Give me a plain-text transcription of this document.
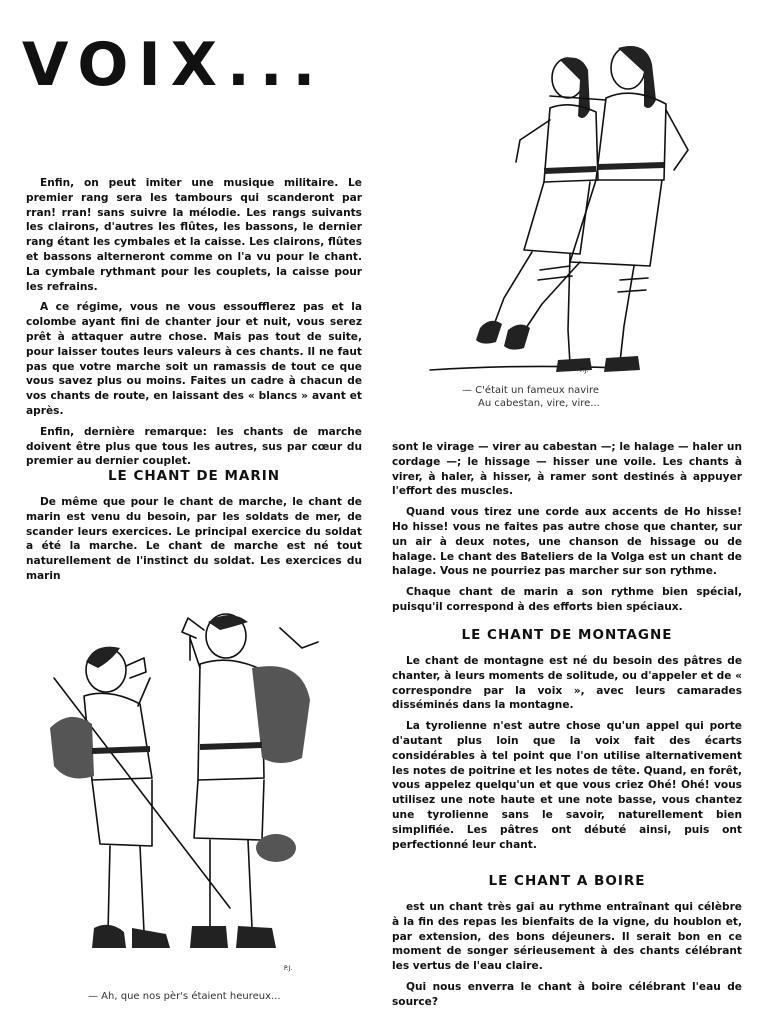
VOIX...

Enfin, on peut imiter une musique militaire. Le premier rang sera les tambours qui scanderont par rran! rran! sans suivre la mélodie. Les rangs suivants les clairons, d'autres les flûtes, les bassons, le dernier rang étant les cymbales et la caisse. Les clairons, flûtes et bassons alterneront comme on l'a vu pour le chant. La cymbale rythmant pour les couplets, la caisse pour les refrains.

A ce régime, vous ne vous essoufflerez pas et la colombe ayant fini de chanter jour et nuit, vous serez prêt à attaquer autre chose. Mais pas tout de suite, pour laisser toutes leurs valeurs à ces chants. Il ne faut pas que votre marche soit un ramassis de tout ce que vous savez plus ou moins. Faites un cadre à chacun de vos chants de route, en laissant des « blancs » avant et après.

Enfin, dernière remarque: les chants de marche doivent être plus que tous les autres, sus par cœur du premier au dernier couplet.

LE CHANT DE MARIN

De même que pour le chant de marche, le chant de marin est venu du besoin, par les soldats de mer, de scander leurs exercices. Le principal exercice du soldat a été la marche. Le chant de marche est né tout naturellement de l'instinct du soldat. Les exercices du marin

P.J.
— C'était un fameux navire
Au cabestan, vire, vire...

sont le virage — virer au cabestan —; le halage — haler un cordage —; le hissage — hisser une voile. Les chants à virer, à haler, à hisser, à ramer sont destinés à appuyer l'effort des muscles.

Quand vous tirez une corde aux accents de Ho hisse! Ho hisse! vous ne faites pas autre chose que chanter, sur un air à deux notes, une chanson de hissage ou de halage. Le chant des Bateliers de la Volga est un chant de halage. Vous ne pourriez pas marcher sur son rythme.

Chaque chant de marin a son rythme bien spécial, puisqu'il correspond à des efforts bien spéciaux.

LE CHANT DE MONTAGNE

Le chant de montagne est né du besoin des pâtres de chanter, à leurs moments de solitude, ou d'appeler et de « correspondre par la voix », avec leurs camarades disséminés dans la montagne.

La tyrolienne n'est autre chose qu'un appel qui porte d'autant plus loin que la voix fait des écarts considérables à tel point que l'on utilise alternativement les notes de poitrine et les notes de tête. Quand, en forêt, vous appelez quelqu'un et que vous criez Ohé! Ohé! vous utilisez une note haute et une note basse, vous chantez une tyrolienne sans le savoir, naturellement bien simplifiée. Les pâtres ont débuté ainsi, puis ont perfectionné leur chant.

LE CHANT A BOIRE

est un chant très gai au rythme entraînant qui célèbre à la fin des repas les bienfaits de la vigne, du houblon et, par extension, des bons déjeuners. Il serait bon en ce moment de songer sérieusement à des chants célébrant les vertus de l'eau claire.

Qui nous enverra le chant à boire célébrant l'eau de source?

P.J.
— Ah, que nos pèr's étaient heureux...
